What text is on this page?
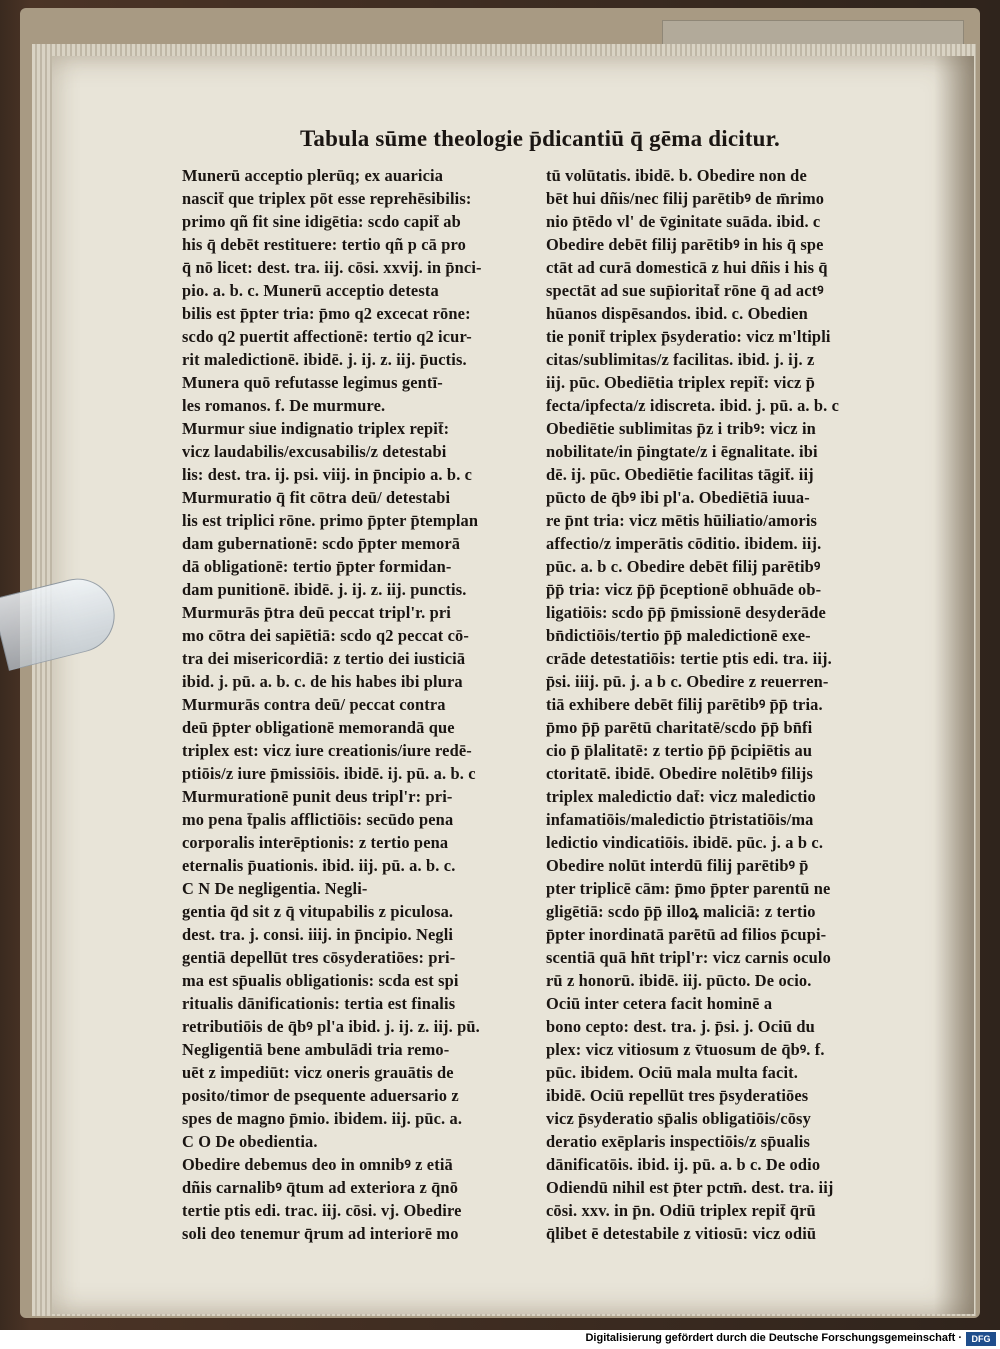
Tabula sūme theologie p̄dicantiū q̄ gēma dicitur.
Munerū acceptio plerūq; ex auaricia
nascit̄ que triplex pōt esse reprehēsibilis:
primo qñ fit sine idigētia: scdo capit̄ ab
his q̄ debēt restituere: tertio qñ p cā pro
q̄ nō licet: dest. tra. iij. cōsi. xxvij. in p̄nci-
pio. a. b. c. Munerū acceptio detesta
bilis est p̄pter tria: p̄mo q2 excecat rōne:
scdo q2 puertit affectionē: tertio q2 icur-
rit maledictionē. ibidē. j. ij. z. iij. p̄uctis.
Munera quō refutasse legimus gentī-
les romanos. f. De murmure.
Murmur siue indignatio triplex repit̄:
vicz laudabilis/excusabilis/z detestabi
lis: dest. tra. ij. psi. viij. in p̄ncipio a. b. c
Murmuratio q̄ fit cōtra deū/ detestabi
lis est triplici rōne. primo p̄pter p̄templan
dam gubernationē: scdo p̄pter memorā
dā obligationē: tertio p̄pter formidan-
dam punitionē. ibidē. j. ij. z. iij. punctis.
Murmurās p̄tra deū peccat tripl'r. pri
mo cōtra dei sapiētiā: scdo q2 peccat cō-
tra dei misericordiā: z tertio dei iusticiā
ibid. j. pū. a. b. c. de his habes ibi plura
Murmurās contra deū/ peccat contra
deū p̄pter obligationē memorandā que
triplex est: vicz iure creationis/iure redē-
ptiōis/z iure p̄missiōis. ibidē. ij. pū. a. b. c
Murmurationē punit deus tripl'r: pri-
mo pena t̄palis afflictiōis: secūdo pena
corporalis interēptionis: z tertio pena
eternalis p̄uationis. ibid. iij. pū. a. b. c.
C N De negligentia. Negli-
gentia q̄d sit z q̄ vitupabilis z piculosa.
dest. tra. j. consi. iiij. in p̄ncipio. Negli
gentiā depellūt tres cōsyderatiōes: pri-
ma est sp̄ualis obligationis: scda est spi
ritualis dānificationis: tertia est finalis
retributiōis de q̄bꝰ pl'a ibid. j. ij. z. iij. pū.
Negligentiā bene ambulādi tria remo-
uēt z impediūt: vicz oneris grauātis de
posito/timor de psequente aduersario z
spes de magno p̄mio. ibidem. iij. pūc. a.
C O De obedientia.
Obedire debemus deo in omnibꝰ z etiā
dñis carnalibꝰ q̄tum ad exteriora z q̄nō
tertie ptis edi. trac. iij. cōsi. vj. Obedire
soli deo tenemur q̄rum ad interiorē mo
tū volūtatis. ibidē. b. Obedire non de
bēt hui dñis/nec filij parētibꝰ de m̄rimo
nio p̄tēdo vl' de v̄ginitate suāda. ibid. c
Obedire debēt filij parētibꝰ in his q̄ spe
ctāt ad curā domesticā z hui dñis i his q̄
spectāt ad sue sup̄ioritat̄ rōne q̄ ad actꝰ
hūanos dispēsandos. ibid. c. Obedien
tie ponit̄ triplex p̄syderatio: vicz m'ltipli
citas/sublimitas/z facilitas. ibid. j. ij. z
iij. pūc. Obediētia triplex repit̄: vicz p̄
fecta/ipfecta/z idiscreta. ibid. j. pū. a. b. c
Obediētie sublimitas p̄z i tribꝰ: vicz in
nobilitate/in p̄ingtate/z i ēgnalitate. ibi
dē. ij. pūc. Obediētie facilitas tāgit̄. iij
pūcto de q̄bꝰ ibi pl'a. Obediētiā iuua-
re p̄nt tria: vicz mētis hūiliatio/amoris
affectio/z imperātis cōditio. ibidem. iij.
pūc. a. b c. Obedire debēt filij parētibꝰ
p̄p̄ tria: vicz p̄p̄ p̄ceptionē obhuāde ob-
ligatiōis: scdo p̄p̄ p̄missionē desyderāde
bn̄dictiōis/tertio p̄p̄ maledictionē exe-
crāde detestatiōis: tertie ptis edi. tra. iij.
p̄si. iiij. pū. j. a b c. Obedire z reuerren-
tiā exhibere debēt filij parētibꝰ p̄p̄ tria.
p̄mo p̄p̄ parētū charitatē/scdo p̄p̄ bn̄fi
cio p̄ p̄lalitatē: z tertio p̄p̄ p̄cipiētis au
ctoritatē. ibidē. Obedire nolētibꝰ filijs
triplex maledictio dat̄: vicz maledictio
infamatiōis/maledictio p̄tristatiōis/ma
ledictio vindicatiōis. ibidē. pūc. j. a b c.
Obedire nolūt interdū filij parētibꝰ p̄
pter triplicē cām: p̄mo p̄pter parentū ne
gligētiā: scdo p̄p̄ illoꝝ maliciā: z tertio
p̄pter inordinatā parētū ad filios p̄cupi-
scentiā quā hn̄t tripl'r: vicz carnis oculo
rū z honorū. ibidē. iij. pūcto. De ocio.
Ociū inter cetera facit hominē a
bono cepto: dest. tra. j. p̄si. j. Ociū du
plex: vicz vitiosum z v̄tuosum de q̄bꝰ. f.
pūc. ibidem. Ociū mala multa facit.
ibidē. Ociū repellūt tres p̄syderatiōes
vicz p̄syderatio sp̄alis obligatiōis/cōsy
deratio exēplaris inspectiōis/z sp̄ualis
dānificatōis. ibid. ij. pū. a. b c. De odio
Odiendū nihil est p̄ter pctm̄. dest. tra. iij
cōsi. xxv. in p̄n. Odiū triplex repit̄ q̄rū
q̄libet ē detestabile z vitiosū: vicz odiū
Digitalisierung gefördert durch die Deutsche Forschungsgemeinschaft ·	DFG
